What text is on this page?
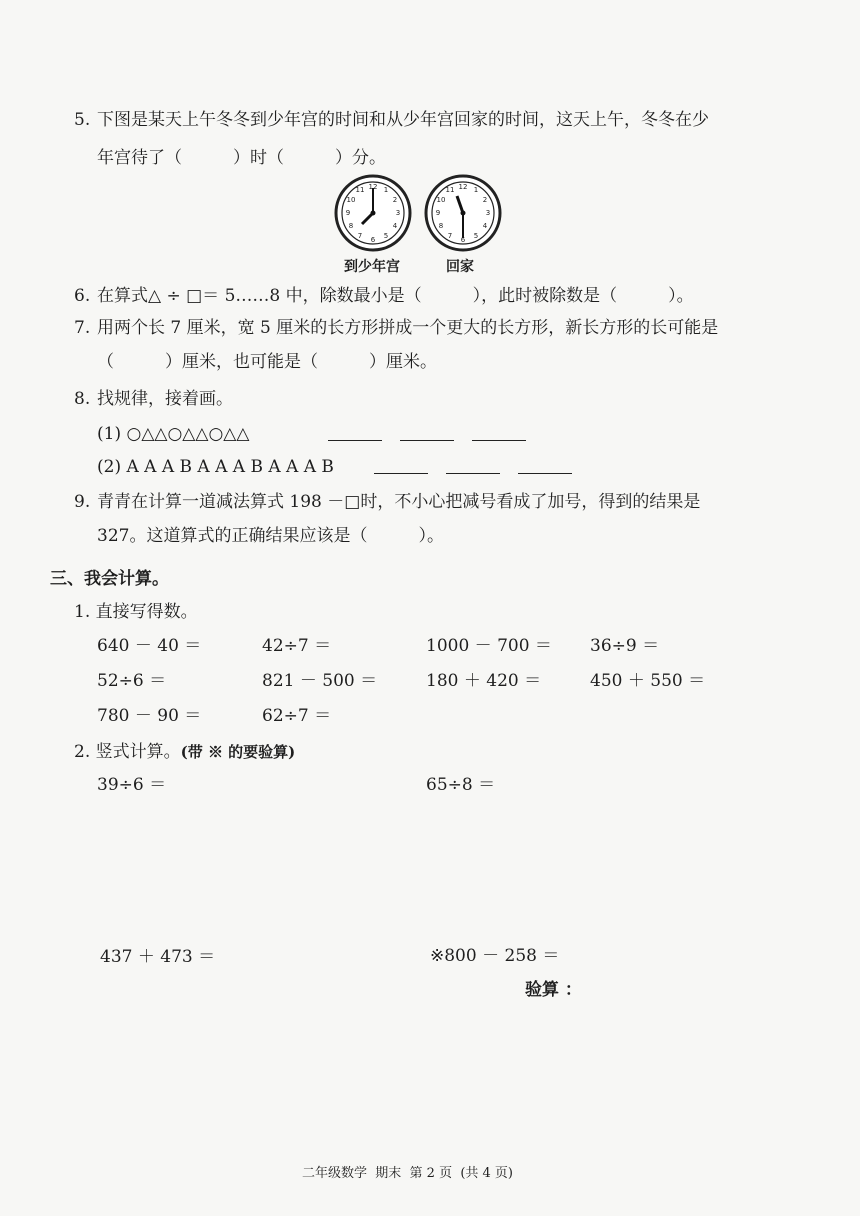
5. 下图是某天上午冬冬到少年宫的时间和从少年宫回家的时间，这天上午，冬冬在少
年宫待了（　　　）时（　　　）分。
12 1
2
3
4
5
6
7
8
9
10
11	12 1
2
3
4
5
6
7
8
9
10
11
到少年宫	回家
6. 在算式△ ÷ □＝ 5……8 中，除数最小是（　　　），此时被除数是（　　　）。
7. 用两个长 7 厘米，宽 5 厘米的长方形拼成一个更大的长方形，新长方形的长可能是
（　　　）厘米，也可能是（　　　）厘米。
8. 找规律，接着画。
(1) ○△△○△△○△△
(2) A A A B A A A B A A A B
9. 青青在计算一道减法算式 198 －□时，不小心把减号看成了加号，得到的结果是
327。这道算式的正确结果应该是（　　　）。
三、我会计算。
1. 直接写得数。
640 － 40 ＝	42÷7 ＝	1000 － 700 ＝ 36÷9 ＝
52÷6 ＝	821 － 500 ＝	180 ＋ 420 ＝	450 ＋ 550 ＝
780 － 90 ＝	62÷7 ＝
2. 竖式计算。(带 ※ 的要验算)
39÷6 ＝	65÷8 ＝
437 ＋ 473 ＝	※800 － 258 ＝
验算 ：
二年级数学  期末  第 2 页  (共 4 页)
